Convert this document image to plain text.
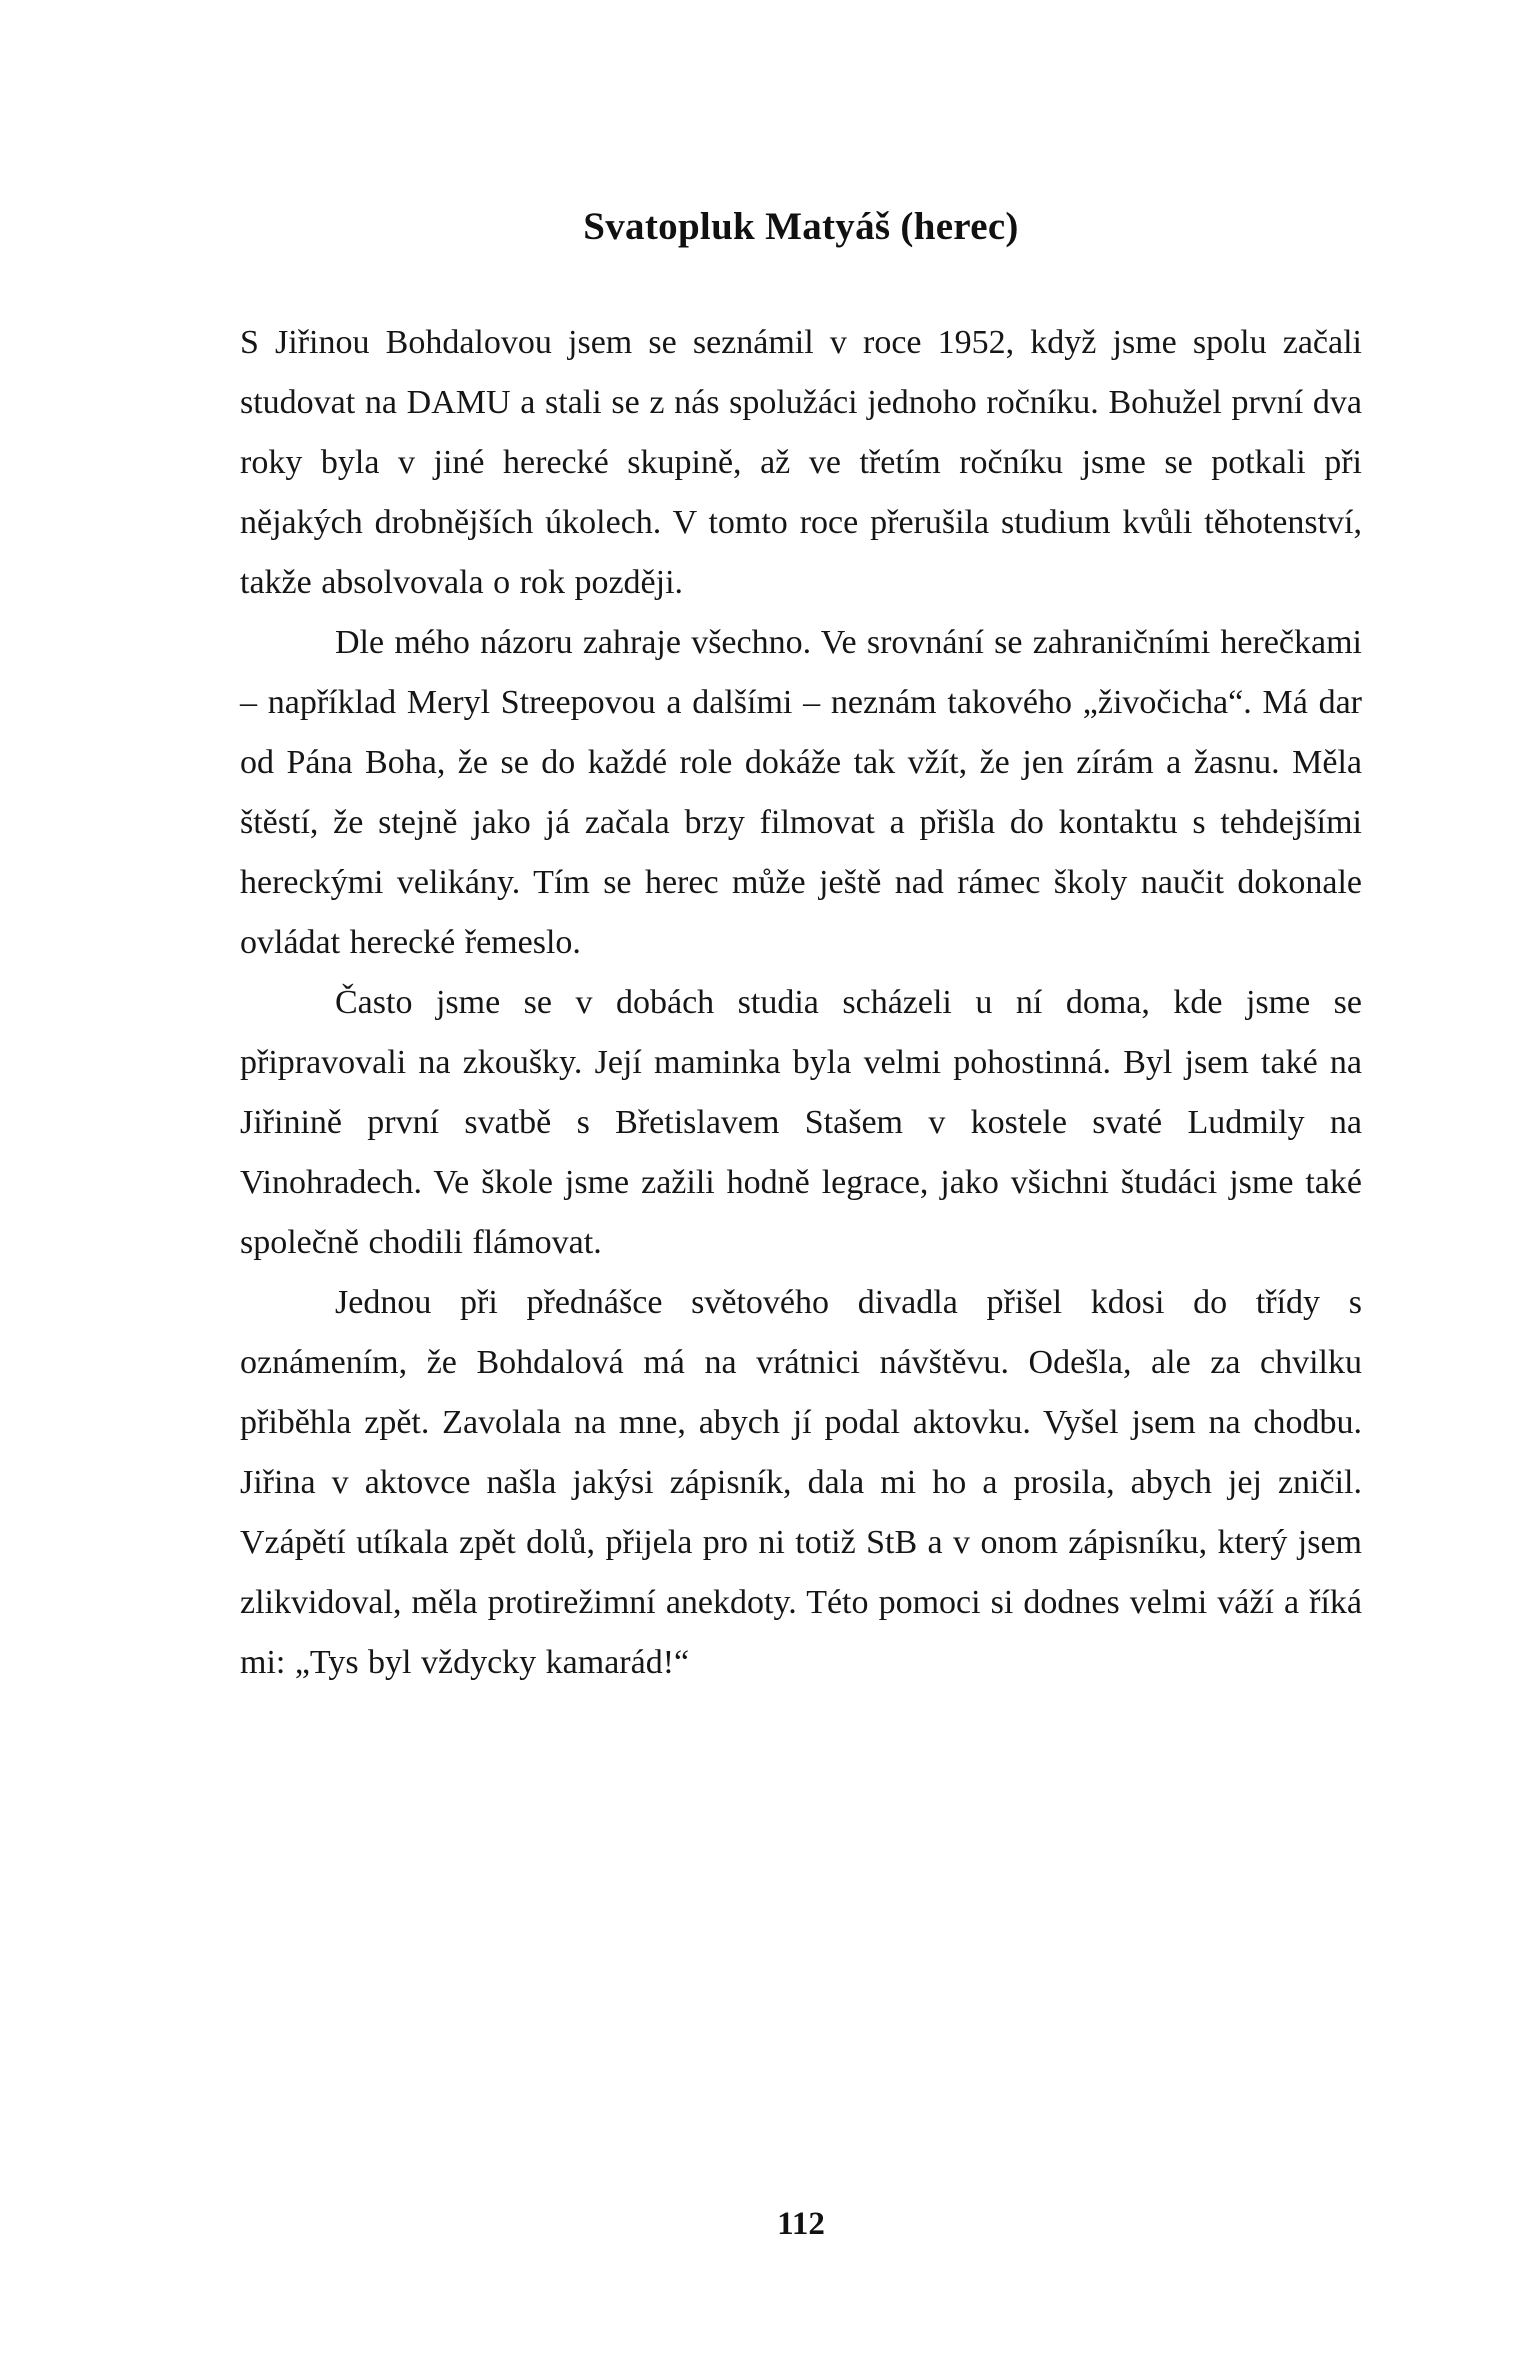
Svatopluk Matyáš (herec)

S Jiřinou Bohdalovou jsem se seznámil v roce 1952, když jsme spolu začali studovat na DAMU a stali se z nás spolužáci jednoho ročníku. Bohužel první dva roky byla v jiné herecké skupině, až ve třetím ročníku jsme se potkali při nějakých drobnějších úkolech. V tomto roce přerušila studium kvůli těhotenství, takže absolvovala o rok později.

Dle mého názoru zahraje všechno. Ve srovnání se zahraničními herečkami – například Meryl Streepovou a dalšími – neznám takového „živočicha“. Má dar od Pána Boha, že se do každé role dokáže tak vžít, že jen zírám a žasnu. Měla štěstí, že stejně jako já začala brzy filmovat a přišla do kontaktu s tehdejšími hereckými velikány. Tím se herec může ještě nad rámec školy naučit dokonale ovládat herecké řemeslo.

Často jsme se v dobách studia scházeli u ní doma, kde jsme se připravovali na zkoušky. Její maminka byla velmi pohostinná. Byl jsem také na Jiřinině první svatbě s Břetislavem Stašem v kostele svaté Ludmily na Vinohradech. Ve škole jsme zažili hodně legrace, jako všichni študáci jsme také společně chodili flámovat.

Jednou při přednášce světového divadla přišel kdosi do třídy s oznámením, že Bohdalová má na vrátnici návštěvu. Odešla, ale za chvilku přiběhla zpět. Zavolala na mne, abych jí podal aktovku. Vyšel jsem na chodbu. Jiřina v aktovce našla jakýsi zápisník, dala mi ho a prosila, abych jej zničil. Vzápětí utíkala zpět dolů, přijela pro ni totiž StB a v onom zápisníku, který jsem zlikvidoval, měla protirežimní anekdoty. Této pomoci si dodnes velmi váží a říká mi: „Tys byl vždycky kamarád!“

112
